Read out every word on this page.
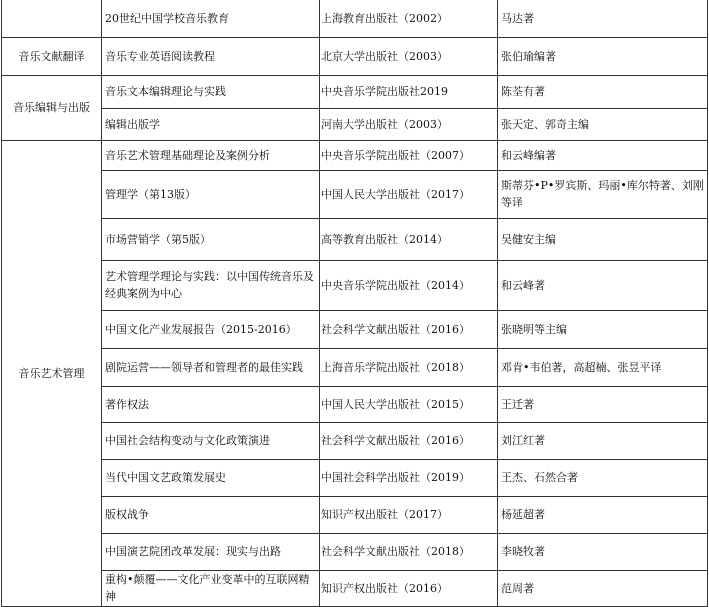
	20世纪中国学校音乐教育	上海教育出版社（2002）	马达著
音乐文献翻译	音乐专业英语阅读教程	北京大学出版社（2003）	张伯瑜编著
音乐编辑与出版	音乐文本编辑理论与实践	中央音乐学院出版社2019	陈荃有著
	编辑出版学	河南大学出版社（2003）	张天定、郭奇主编
音乐艺术管理	音乐艺术管理基础理论及案例分析	中央音乐学院出版社（2007）	和云峰编著
	管理学（第13版）	中国人民大学出版社（2017）	斯蒂芬•P•罗宾斯、玛丽•库尔特著、刘刚等译
	市场营销学（第5版）	高等教育出版社（2014）	吴健安主编
	艺术管理学理论与实践：以中国传统音乐及经典案例为中心	中央音乐学院出版社（2014）	和云峰著
	中国文化产业发展报告（2015-2016）	社会科学文献出版社（2016）	张晓明等主编
	剧院运营——领导者和管理者的最佳实践	上海音乐学院出版社（2018）	邓肯•韦伯著，高超楠、张昱平译
	著作权法	中国人民大学出版社（2015）	王迁著
	中国社会结构变动与文化政策演进	社会科学文献出版社（2016）	刘江红著
	当代中国文艺政策发展史	中国社会科学出版社（2019）	王杰、石然合著
	版权战争	知识产权出版社（2017）	杨延超著
	中国演艺院团改革发展：现实与出路	社会科学文献出版社（2018）	李晓牧著
	重构•颠覆——文化产业变革中的互联网精神	知识产权出版社（2016）	范周著
